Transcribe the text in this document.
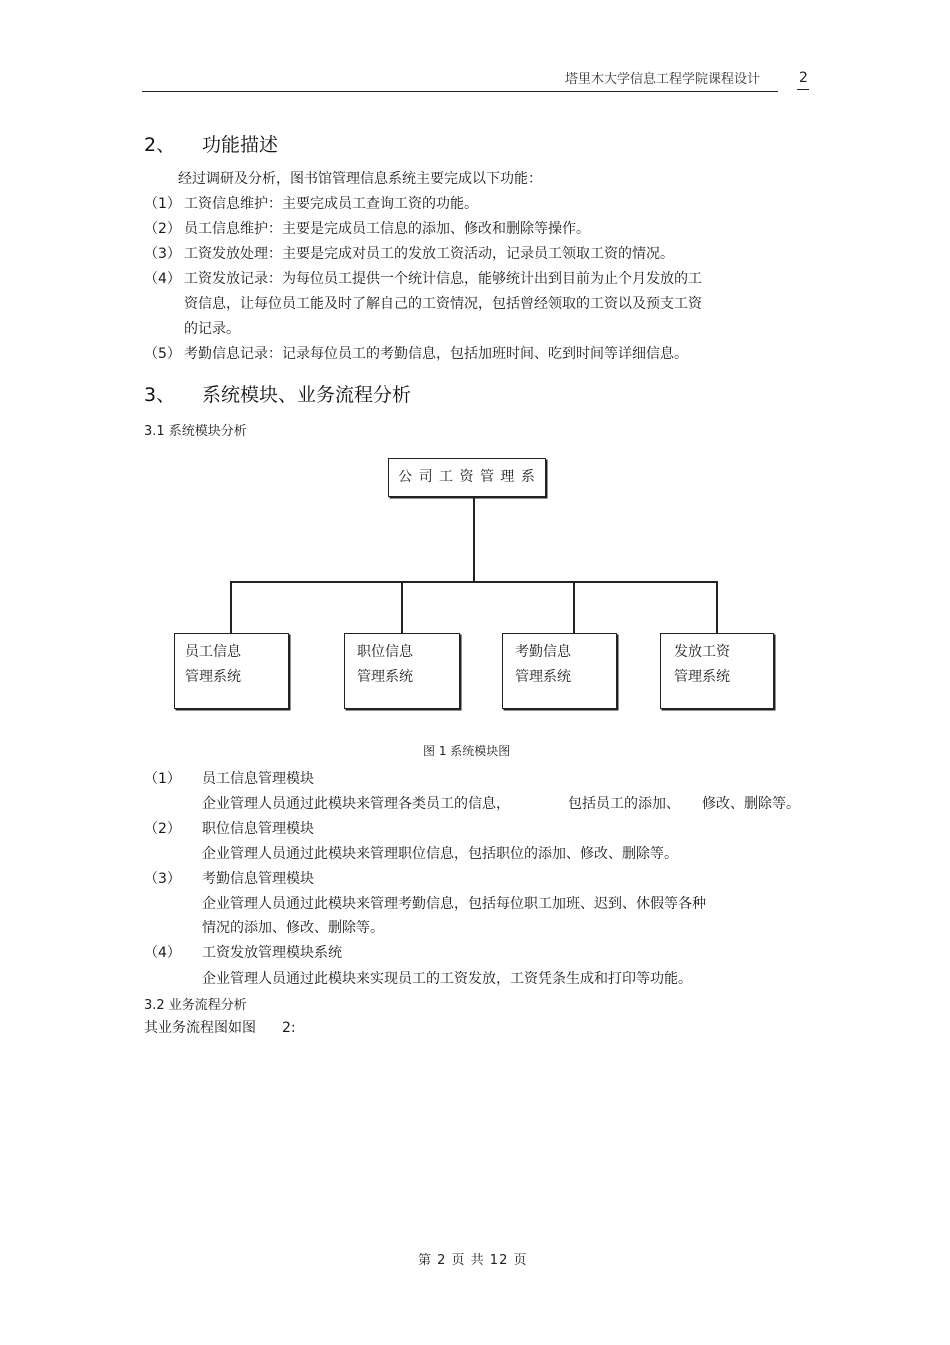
塔里木大学信息工程学院课程设计	2
2、 功能描述
经过调研及分析，图书馆管理信息系统主要完成以下功能：
（1） 工资信息维护：主要完成员工查询工资的功能。
（2） 员工信息维护：主要是完成员工信息的添加、修改和删除等操作。
（3） 工资发放处理：主要是完成对员工的发放工资活动，记录员工领取工资的情况。
（4） 工资发放记录：为每位员工提供一个统计信息，能够统计出到目前为止个月发放的工
资信息，让每位员工能及时了解自己的工资情况，包括曾经领取的工资以及预支工资
的记录。
（5） 考勤信息记录：记录每位员工的考勤信息，包括加班时间、吃到时间等详细信息。
3、 系统模块、业务流程分析
3.1 系统模块分析
公 司 工 资 管 理 系
员工信息
管理系统
职位信息
管理系统
考勤信息
管理系统
发放工资
管理系统
图 1 系统模块图
（1） 员工信息管理模块
企业管理人员通过此模块来管理各类员工的信息，	包括员工的添加、 修改、删除等。
（2） 职位信息管理模块
企业管理人员通过此模块来管理职位信息，包括职位的添加、修改、删除等。
（3） 考勤信息管理模块
企业管理人员通过此模块来管理考勤信息，包括每位职工加班、迟到、休假等各种
情况的添加、修改、删除等。
（4） 工资发放管理模块系统
企业管理人员通过此模块来实现员工的工资发放，工资凭条生成和打印等功能。
3.2 业务流程分析
其业务流程图如图 2:
第 2 页 共 12 页
